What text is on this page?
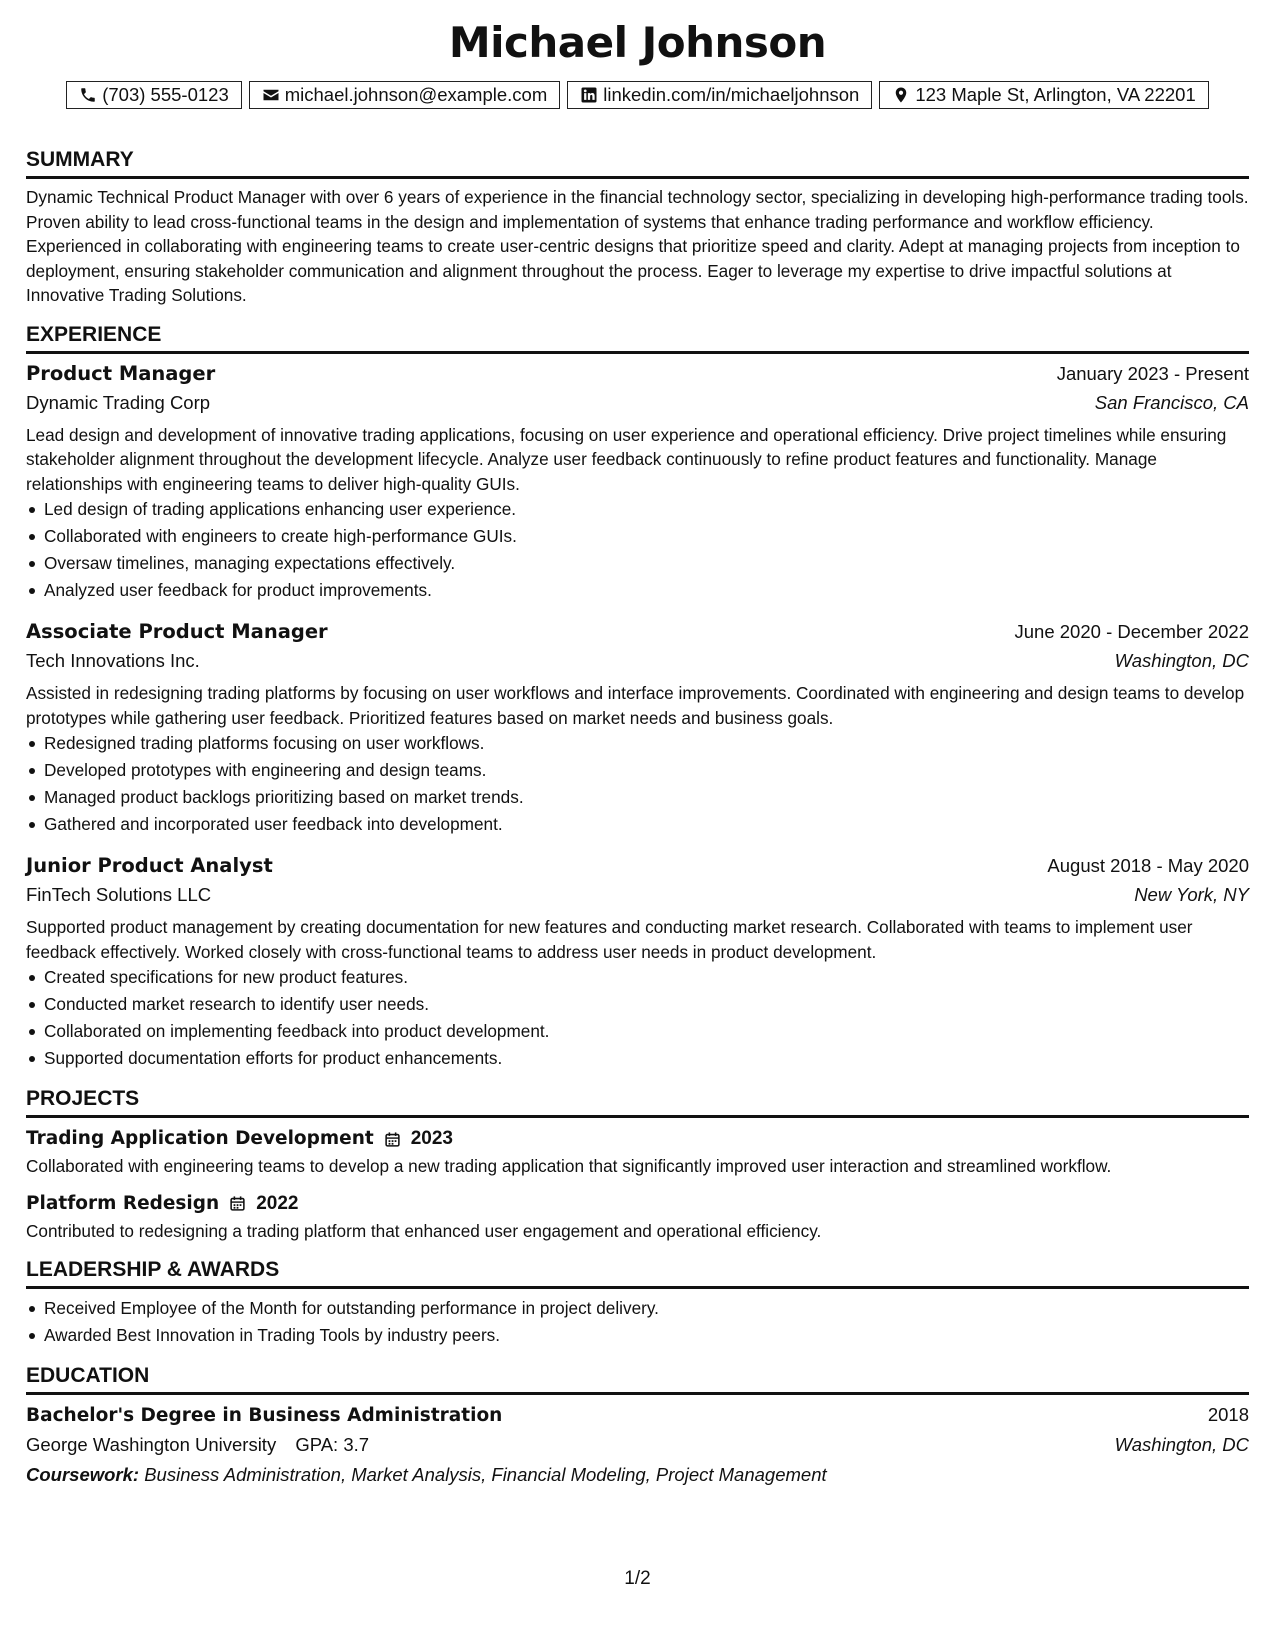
Michael Johnson
(703) 555-0123	michael.johnson@example.com	linkedin.com/in/michaeljohnson	123 Maple St, Arlington, VA 22201
SUMMARY

Dynamic Technical Product Manager with over 6 years of experience in the financial technology sector, specializing in developing high-performance trading tools. Proven ability to lead cross-functional teams in the design and implementation of systems that enhance trading performance and workflow efficiency. Experienced in collaborating with engineering teams to create user-centric designs that prioritize speed and clarity. Adept at managing projects from inception to deployment, ensuring stakeholder communication and alignment throughout the process. Eager to leverage my expertise to drive impactful solutions at Innovative Trading Solutions.

EXPERIENCE
Product Manager	January 2023 - Present
Dynamic Trading Corp	San Francisco, CA

Lead design and development of innovative trading applications, focusing on user experience and operational efficiency. Drive project timelines while ensuring stakeholder alignment throughout the development lifecycle. Analyze user feedback continuously to refine product features and functionality. Manage relationships with engineering teams to deliver high-quality GUIs.

Led design of trading applications enhancing user experience.
Collaborated with engineers to create high-performance GUIs.
Oversaw timelines, managing expectations effectively.
Analyzed user feedback for product improvements.
Associate Product Manager	June 2020 - December 2022
Tech Innovations Inc.	Washington, DC

Assisted in redesigning trading platforms by focusing on user workflows and interface improvements. Coordinated with engineering and design teams to develop prototypes while gathering user feedback. Prioritized features based on market needs and business goals.

Redesigned trading platforms focusing on user workflows.
Developed prototypes with engineering and design teams.
Managed product backlogs prioritizing based on market trends.
Gathered and incorporated user feedback into development.
Junior Product Analyst	August 2018 - May 2020
FinTech Solutions LLC	New York, NY

Supported product management by creating documentation for new features and conducting market research. Collaborated with teams to implement user feedback effectively. Worked closely with cross-functional teams to address user needs in product development.

Created specifications for new product features.
Conducted market research to identify user needs.
Collaborated on implementing feedback into product development.
Supported documentation efforts for product enhancements.
PROJECTS
Trading Application Development 2023

Collaborated with engineering teams to develop a new trading application that significantly improved user interaction and streamlined workflow.

Platform Redesign 2022

Contributed to redesigning a trading platform that enhanced user engagement and operational efficiency.

LEADERSHIP & AWARDS
Received Employee of the Month for outstanding performance in project delivery.
Awarded Best Innovation in Trading Tools by industry peers.
EDUCATION
Bachelor's Degree in Business Administration	2018
George Washington University GPA: 3.7	Washington, DC
Coursework: Business Administration, Market Analysis, Financial Modeling, Project Management
1/2
